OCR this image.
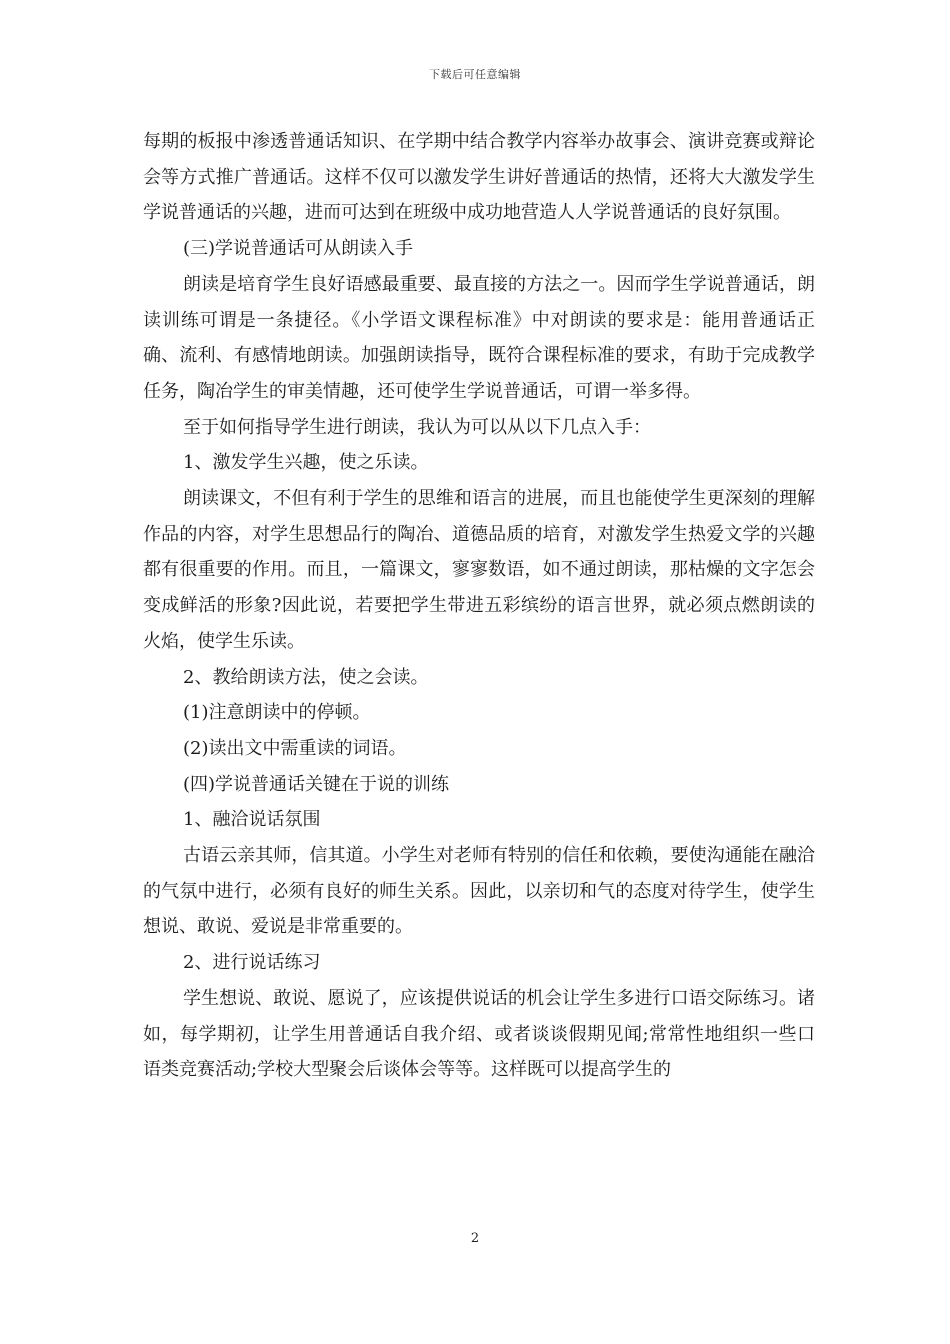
下载后可任意编辑

每期的板报中渗透普通话知识、在学期中结合教学内容举办故事会、演讲竞赛或辩论会等方式推广普通话。这样不仅可以激发学生讲好普通话的热情，还将大大激发学生学说普通话的兴趣，进而可达到在班级中成功地营造人人学说普通话的良好氛围。

(三)学说普通话可从朗读入手

朗读是培育学生良好语感最重要、最直接的方法之一。因而学生学说普通话，朗读训练可谓是一条捷径。《小学语文课程标准》中对朗读的要求是：能用普通话正确、流利、有感情地朗读。加强朗读指导，既符合课程标准的要求，有助于完成教学任务，陶冶学生的审美情趣，还可使学生学说普通话，可谓一举多得。

至于如何指导学生进行朗读，我认为可以从以下几点入手：

1、激发学生兴趣，使之乐读。

朗读课文，不但有利于学生的思维和语言的进展，而且也能使学生更深刻的理解作品的内容，对学生思想品行的陶冶、道德品质的培育，对激发学生热爱文学的兴趣都有很重要的作用。而且，一篇课文，寥寥数语，如不通过朗读，那枯燥的文字怎会变成鲜活的形象?因此说，若要把学生带进五彩缤纷的语言世界，就必须点燃朗读的火焰，使学生乐读。

2、教给朗读方法，使之会读。

(1)注意朗读中的停顿。

(2)读出文中需重读的词语。

(四)学说普通话关键在于说的训练

1、融洽说话氛围

古语云亲其师，信其道。小学生对老师有特别的信任和依赖，要使沟通能在融洽的气氛中进行，必须有良好的师生关系。因此，以亲切和气的态度对待学生，使学生想说、敢说、爱说是非常重要的。

2、进行说话练习

学生想说、敢说、愿说了，应该提供说话的机会让学生多进行口语交际练习。诸如，每学期初，让学生用普通话自我介绍、或者谈谈假期见闻;常常性地组织一些口语类竞赛活动;学校大型聚会后谈体会等等。这样既可以提高学生的

2
